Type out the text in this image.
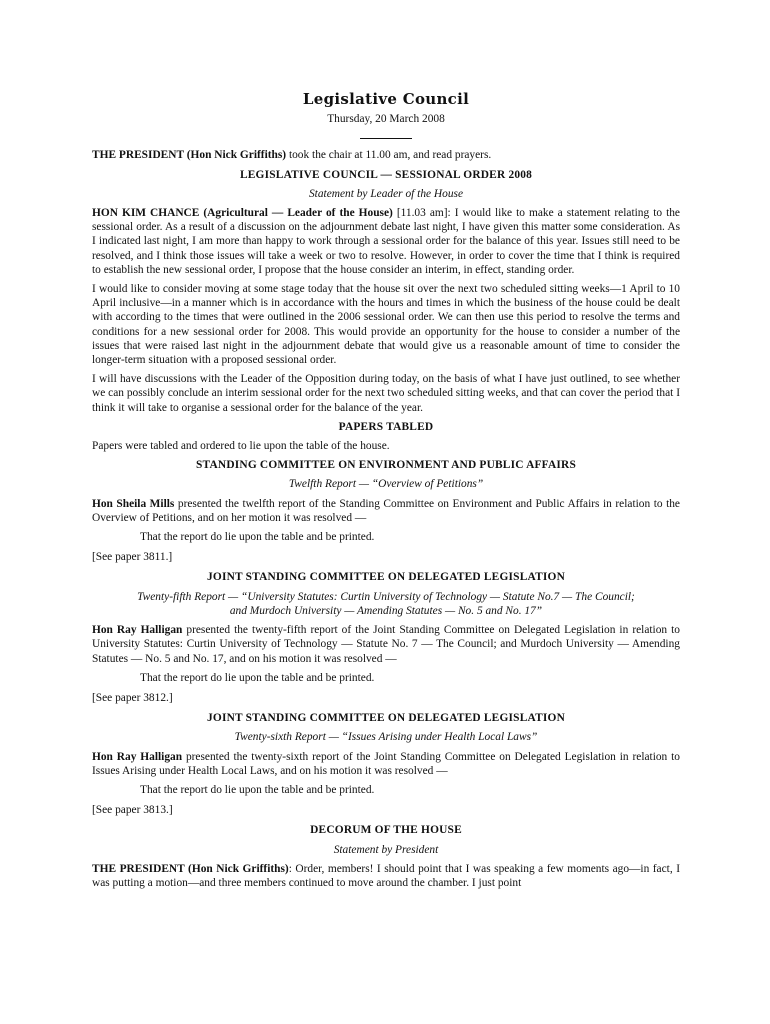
Legislative Council
Thursday, 20 March 2008

THE PRESIDENT (Hon Nick Griffiths) took the chair at 11.00 am, and read prayers.

LEGISLATIVE COUNCIL — SESSIONAL ORDER 2008
Statement by Leader of the House

HON KIM CHANCE (Agricultural — Leader of the House) [11.03 am]: I would like to make a statement relating to the sessional order. As a result of a discussion on the adjournment debate last night, I have given this matter some consideration. As I indicated last night, I am more than happy to work through a sessional order for the balance of this year. Issues still need to be resolved, and I think those issues will take a week or two to resolve. However, in order to cover the time that I think is required to establish the new sessional order, I propose that the house consider an interim, in effect, standing order.

I would like to consider moving at some stage today that the house sit over the next two scheduled sitting weeks—1 April to 10 April inclusive—in a manner which is in accordance with the hours and times in which the business of the house could be dealt with according to the times that were outlined in the 2006 sessional order. We can then use this period to resolve the terms and conditions for a new sessional order for 2008. This would provide an opportunity for the house to consider a number of the issues that were raised last night in the adjournment debate that would give us a reasonable amount of time to consider the longer-term situation with a proposed sessional order.

I will have discussions with the Leader of the Opposition during today, on the basis of what I have just outlined, to see whether we can possibly conclude an interim sessional order for the next two scheduled sitting weeks, and that can cover the period that I think it will take to organise a sessional order for the balance of the year.

PAPERS TABLED

Papers were tabled and ordered to lie upon the table of the house.

STANDING COMMITTEE ON ENVIRONMENT AND PUBLIC AFFAIRS
Twelfth Report — “Overview of Petitions”

Hon Sheila Mills presented the twelfth report of the Standing Committee on Environment and Public Affairs in relation to the Overview of Petitions, and on her motion it was resolved —

That the report do lie upon the table and be printed.
[See paper 3811.]
JOINT STANDING COMMITTEE ON DELEGATED LEGISLATION
Twenty-fifth Report — “University Statutes: Curtin University of Technology — Statute No.7 — The Council;
and Murdoch University — Amending Statutes — No. 5 and No. 17”

Hon Ray Halligan presented the twenty-fifth report of the Joint Standing Committee on Delegated Legislation in relation to University Statutes: Curtin University of Technology — Statute No. 7 — The Council; and Murdoch University — Amending Statutes — No. 5 and No. 17, and on his motion it was resolved —

That the report do lie upon the table and be printed.
[See paper 3812.]
JOINT STANDING COMMITTEE ON DELEGATED LEGISLATION
Twenty-sixth Report — “Issues Arising under Health Local Laws”

Hon Ray Halligan presented the twenty-sixth report of the Joint Standing Committee on Delegated Legislation in relation to Issues Arising under Health Local Laws, and on his motion it was resolved —

That the report do lie upon the table and be printed.
[See paper 3813.]
DECORUM OF THE HOUSE
Statement by President

THE PRESIDENT (Hon Nick Griffiths): Order, members! I should point that I was speaking a few moments ago—in fact, I was putting a motion—and three members continued to move around the chamber. I just point
